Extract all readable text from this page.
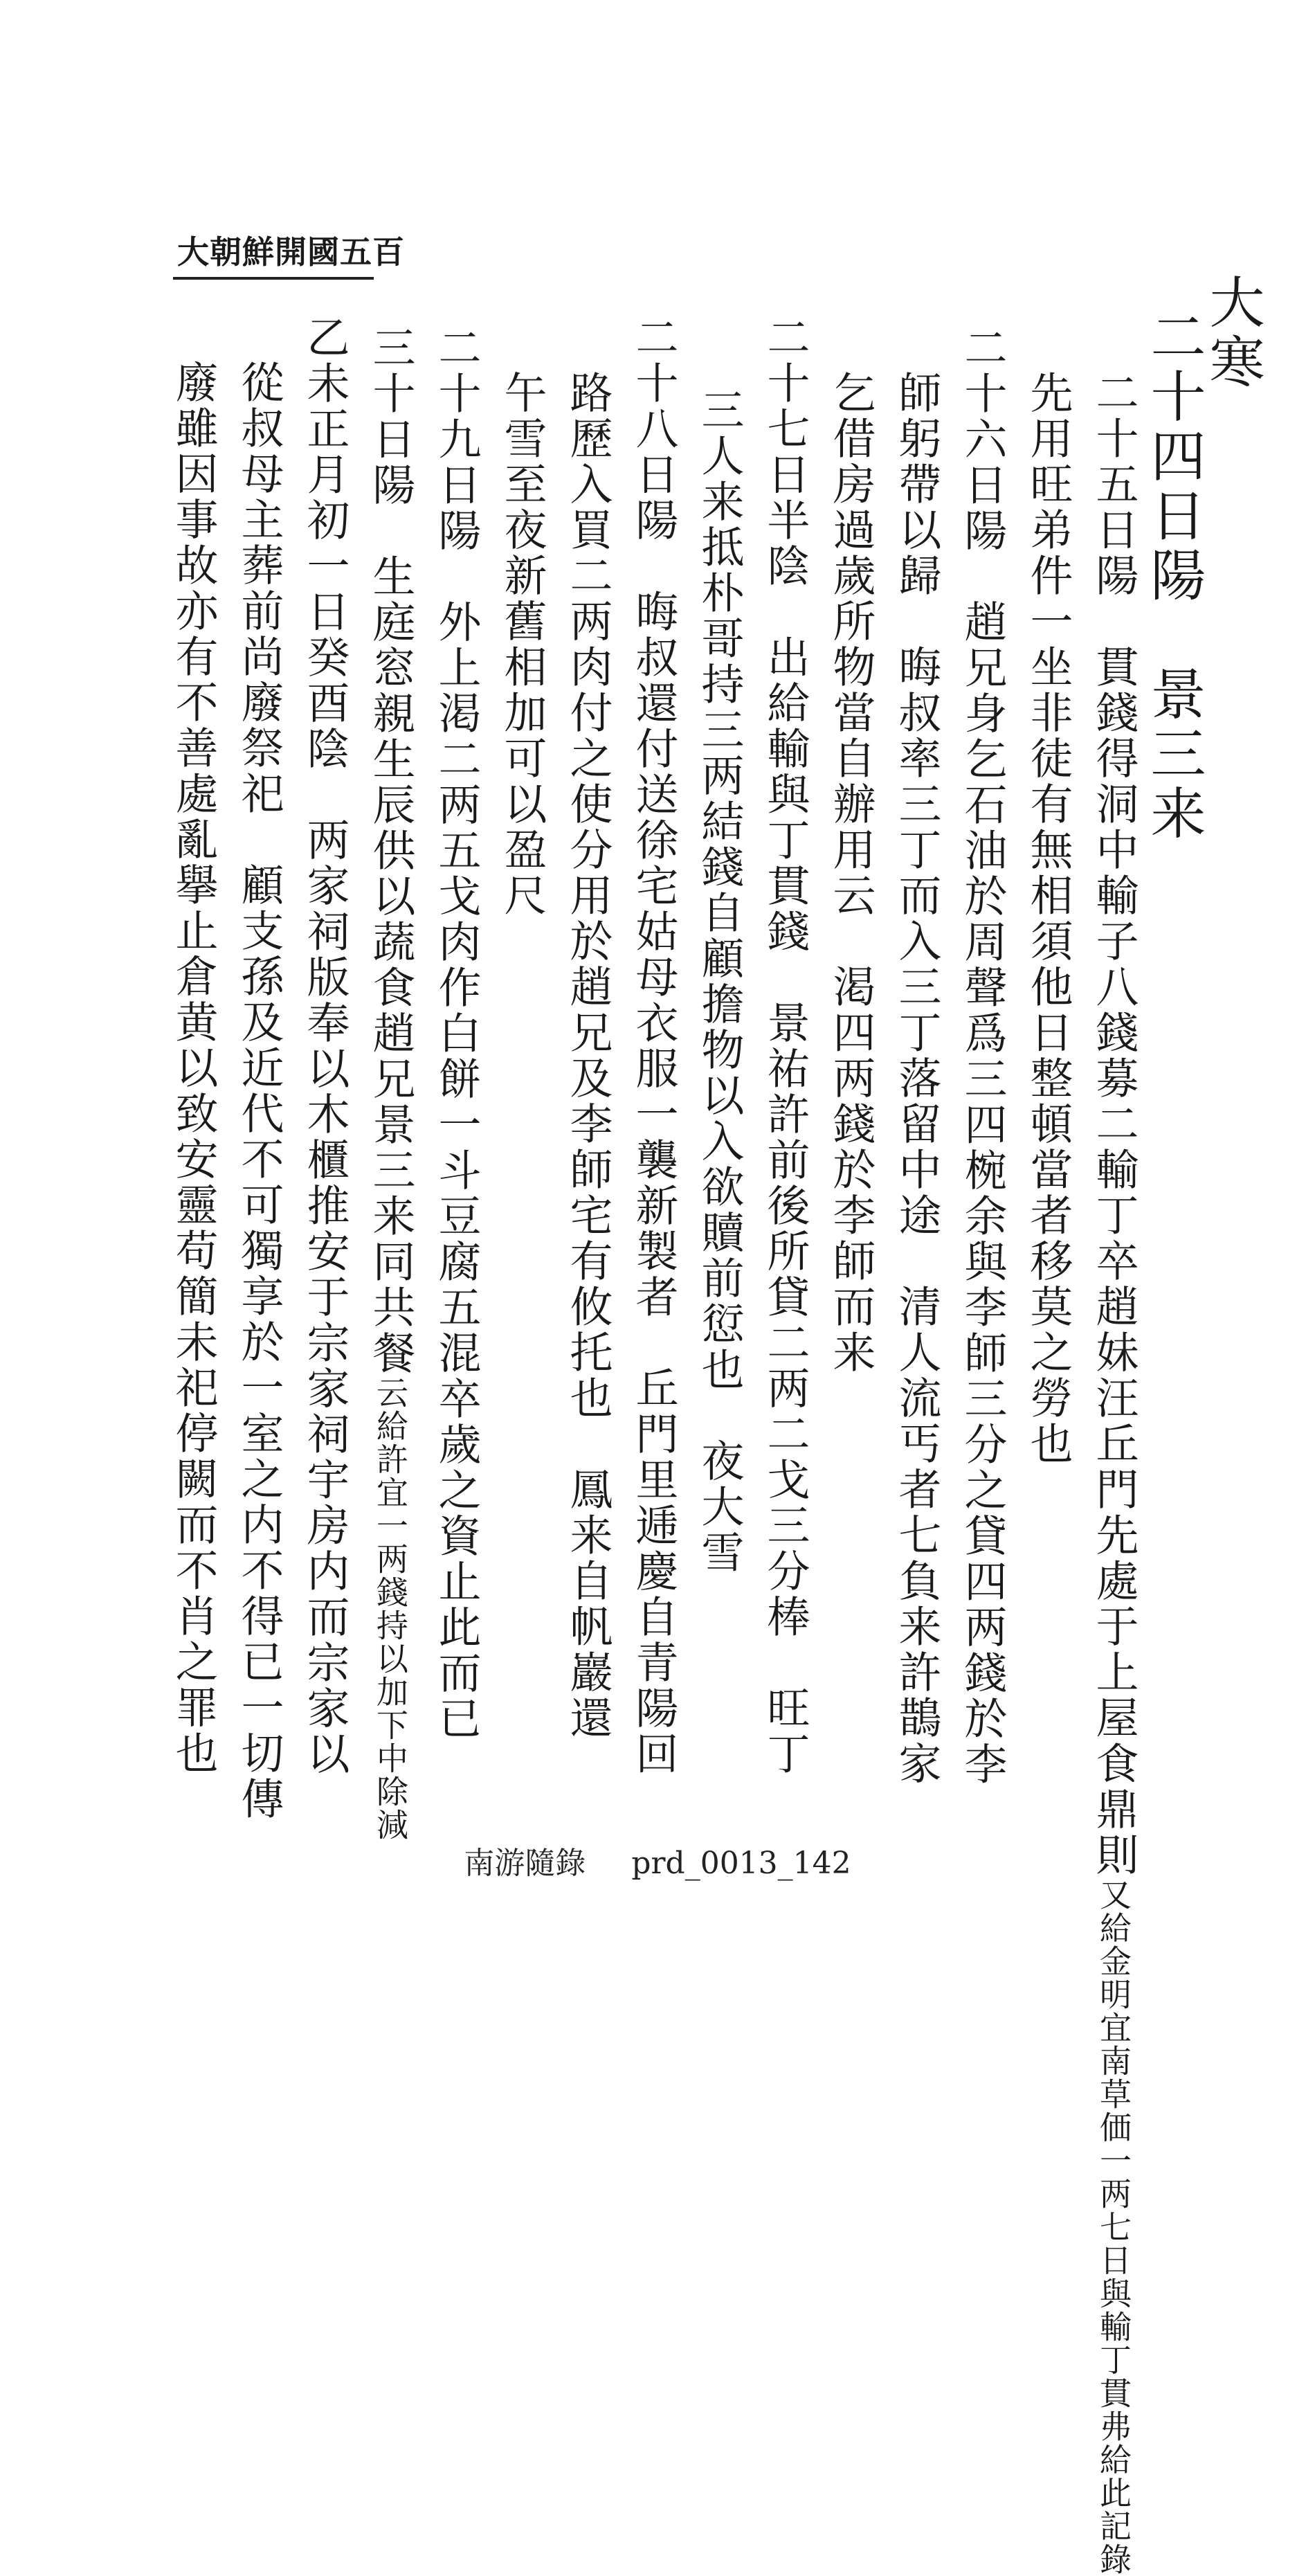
大朝鮮開國五百
大寒
二十四日陽　景三来
二十五日陽　貫錢得洞中輸子八錢募二輸丁卒趙妹汪丘門先處于上屋食鼎則又給金明宜南草価一两七日與輸丁貫弗給此記錄
先用旺弟件一坐非徒有無相須他日整頓當者移莫之勞也
二十六日陽　趙兄身乞石油於周聲爲三四椀余與李師三分之貸四两錢於李
師躬帶以歸　晦叔率三丁而入三丁落留中途　清人流丐者七負来許鵲家
乞借房過歲所物當自辦用云　渇四两錢於李師而来
二十七日半陰　出給輸與丁貫錢　景祐許前後所貸二两二戈三分棒　旺丁
三人来抵朴哥持三两結錢自顧擔物以入欲贖前愆也　夜大雪
二十八日陽　晦叔還付送徐宅姑母衣服一襲新製者　丘門里逓慶自青陽回
路歷入買二两肉付之使分用於趙兄及李師宅有攸托也　鳳来自帆巖還
午雪至夜新舊相加可以盈尺
二十九日陽　外上渇二两五戈肉作白餅一斗豆腐五混卒歲之資止此而已
三十日陽　生庭窓親生辰供以蔬食趙兄景三来同共餐云給許宜一两錢持以加下中除減
乙未正月初一日癸酉陰　两家祠版奉以木櫃推安于宗家祠宇房内而宗家以
從叔母主葬前尚廢祭祀　顧支孫及近代不可獨享於一室之内不得已一切傳
廢雖因事故亦有不善處亂擧止倉黄以致安靈苟簡未祀停闕而不肖之罪也
南游隨錄 prd_0013_142
